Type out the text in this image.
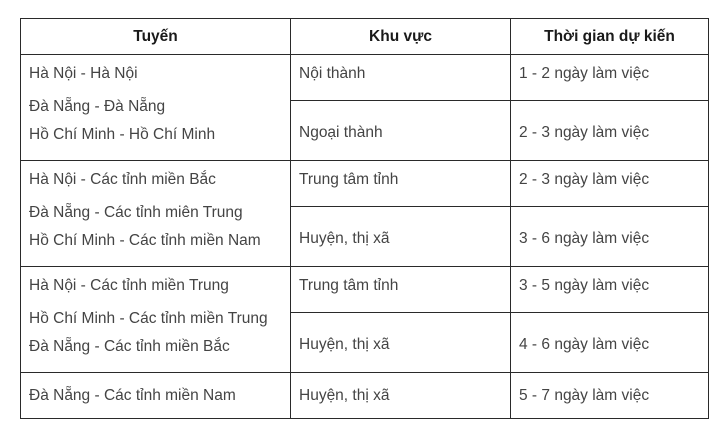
Tuyến	Khu vực	Thời gian dự kiến

Hà Nội - Hà Nội
Đà Nẵng - Đà Nẵng
Hồ Chí Minh - Hồ Chí Minh	Nội thành	1 - 2 ngày làm việc
	Ngoại thành	2 - 3 ngày làm việc

Hà Nội - Các tỉnh miền Bắc
Đà Nẵng - Các tỉnh miên Trung
Hồ Chí Minh - Các tỉnh miền Nam	Trung tâm tỉnh	2 - 3 ngày làm việc
	Huyện, thị xã	3 - 6 ngày làm việc

Hà Nội - Các tỉnh miền Trung
Hồ Chí Minh - Các tỉnh miền Trung
Đà Nẵng - Các tỉnh miền Bắc	Trung tâm tỉnh	3 - 5 ngày làm việc
	Huyện, thị xã	4 - 6 ngày làm việc
Đà Nẵng - Các tỉnh miền Nam	Huyện, thị xã	5 - 7 ngày làm việc
